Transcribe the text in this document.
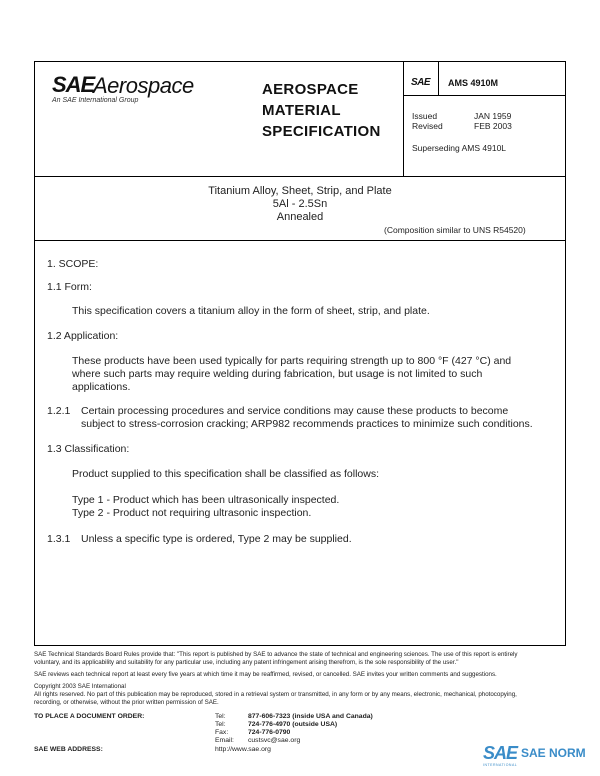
SAE
Aerospace
An SAE International Group
AEROSPACE
MATERIAL
SPECIFICATION
SAE AMS 4910M
Issued	JAN 1959
Revised	FEB 2003
Superseding AMS 4910L
Titanium Alloy, Sheet, Strip, and Plate
5Al - 2.5Sn
Annealed
(Composition similar to UNS R54520)
1. SCOPE:
1.1 Form:
This specification covers a titanium alloy in the form of sheet, strip, and plate.
1.2 Application:
These products have been used typically for parts requiring strength up to 800 °F (427 °C) and
where such parts may require welding during fabrication, but usage is not limited to such
applications.
1.2.1 Certain processing procedures and service conditions may cause these products to become
subject to stress-corrosion cracking; ARP982 recommends practices to minimize such conditions.
1.3 Classification:
Product supplied to this specification shall be classified as follows:
Type 1 - Product which has been ultrasonically inspected.
Type 2 - Product not requiring ultrasonic inspection.
1.3.1 Unless a specific type is ordered, Type 2 may be supplied.
SAE Technical Standards Board Rules provide that: "This report is published by SAE to advance the state of technical and engineering sciences. The use of this report is entirely
voluntary, and its applicability and suitability for any particular use, including any patent infringement arising therefrom, is the sole responsibility of the user."
SAE reviews each technical report at least every five years at which time it may be reaffirmed, revised, or cancelled. SAE invites your written comments and suggestions.
Copyright 2003 SAE International
All rights reserved. No part of this publication may be reproduced, stored in a retrieval system or transmitted, in any form or by any means, electronic, mechanical, photocopying,
recording, or otherwise, without the prior written permission of SAE.
TO PLACE A DOCUMENT ORDER:	Tel:	877-606-7323 (inside USA and Canada)
Tel:	724-776-4970 (outside USA)
Fax:	724-776-0790
Email: custsvc@sae.org
SAE WEB ADDRESS:	http://www.sae.org	SAE SAE NORM
INTERNATIONAL
